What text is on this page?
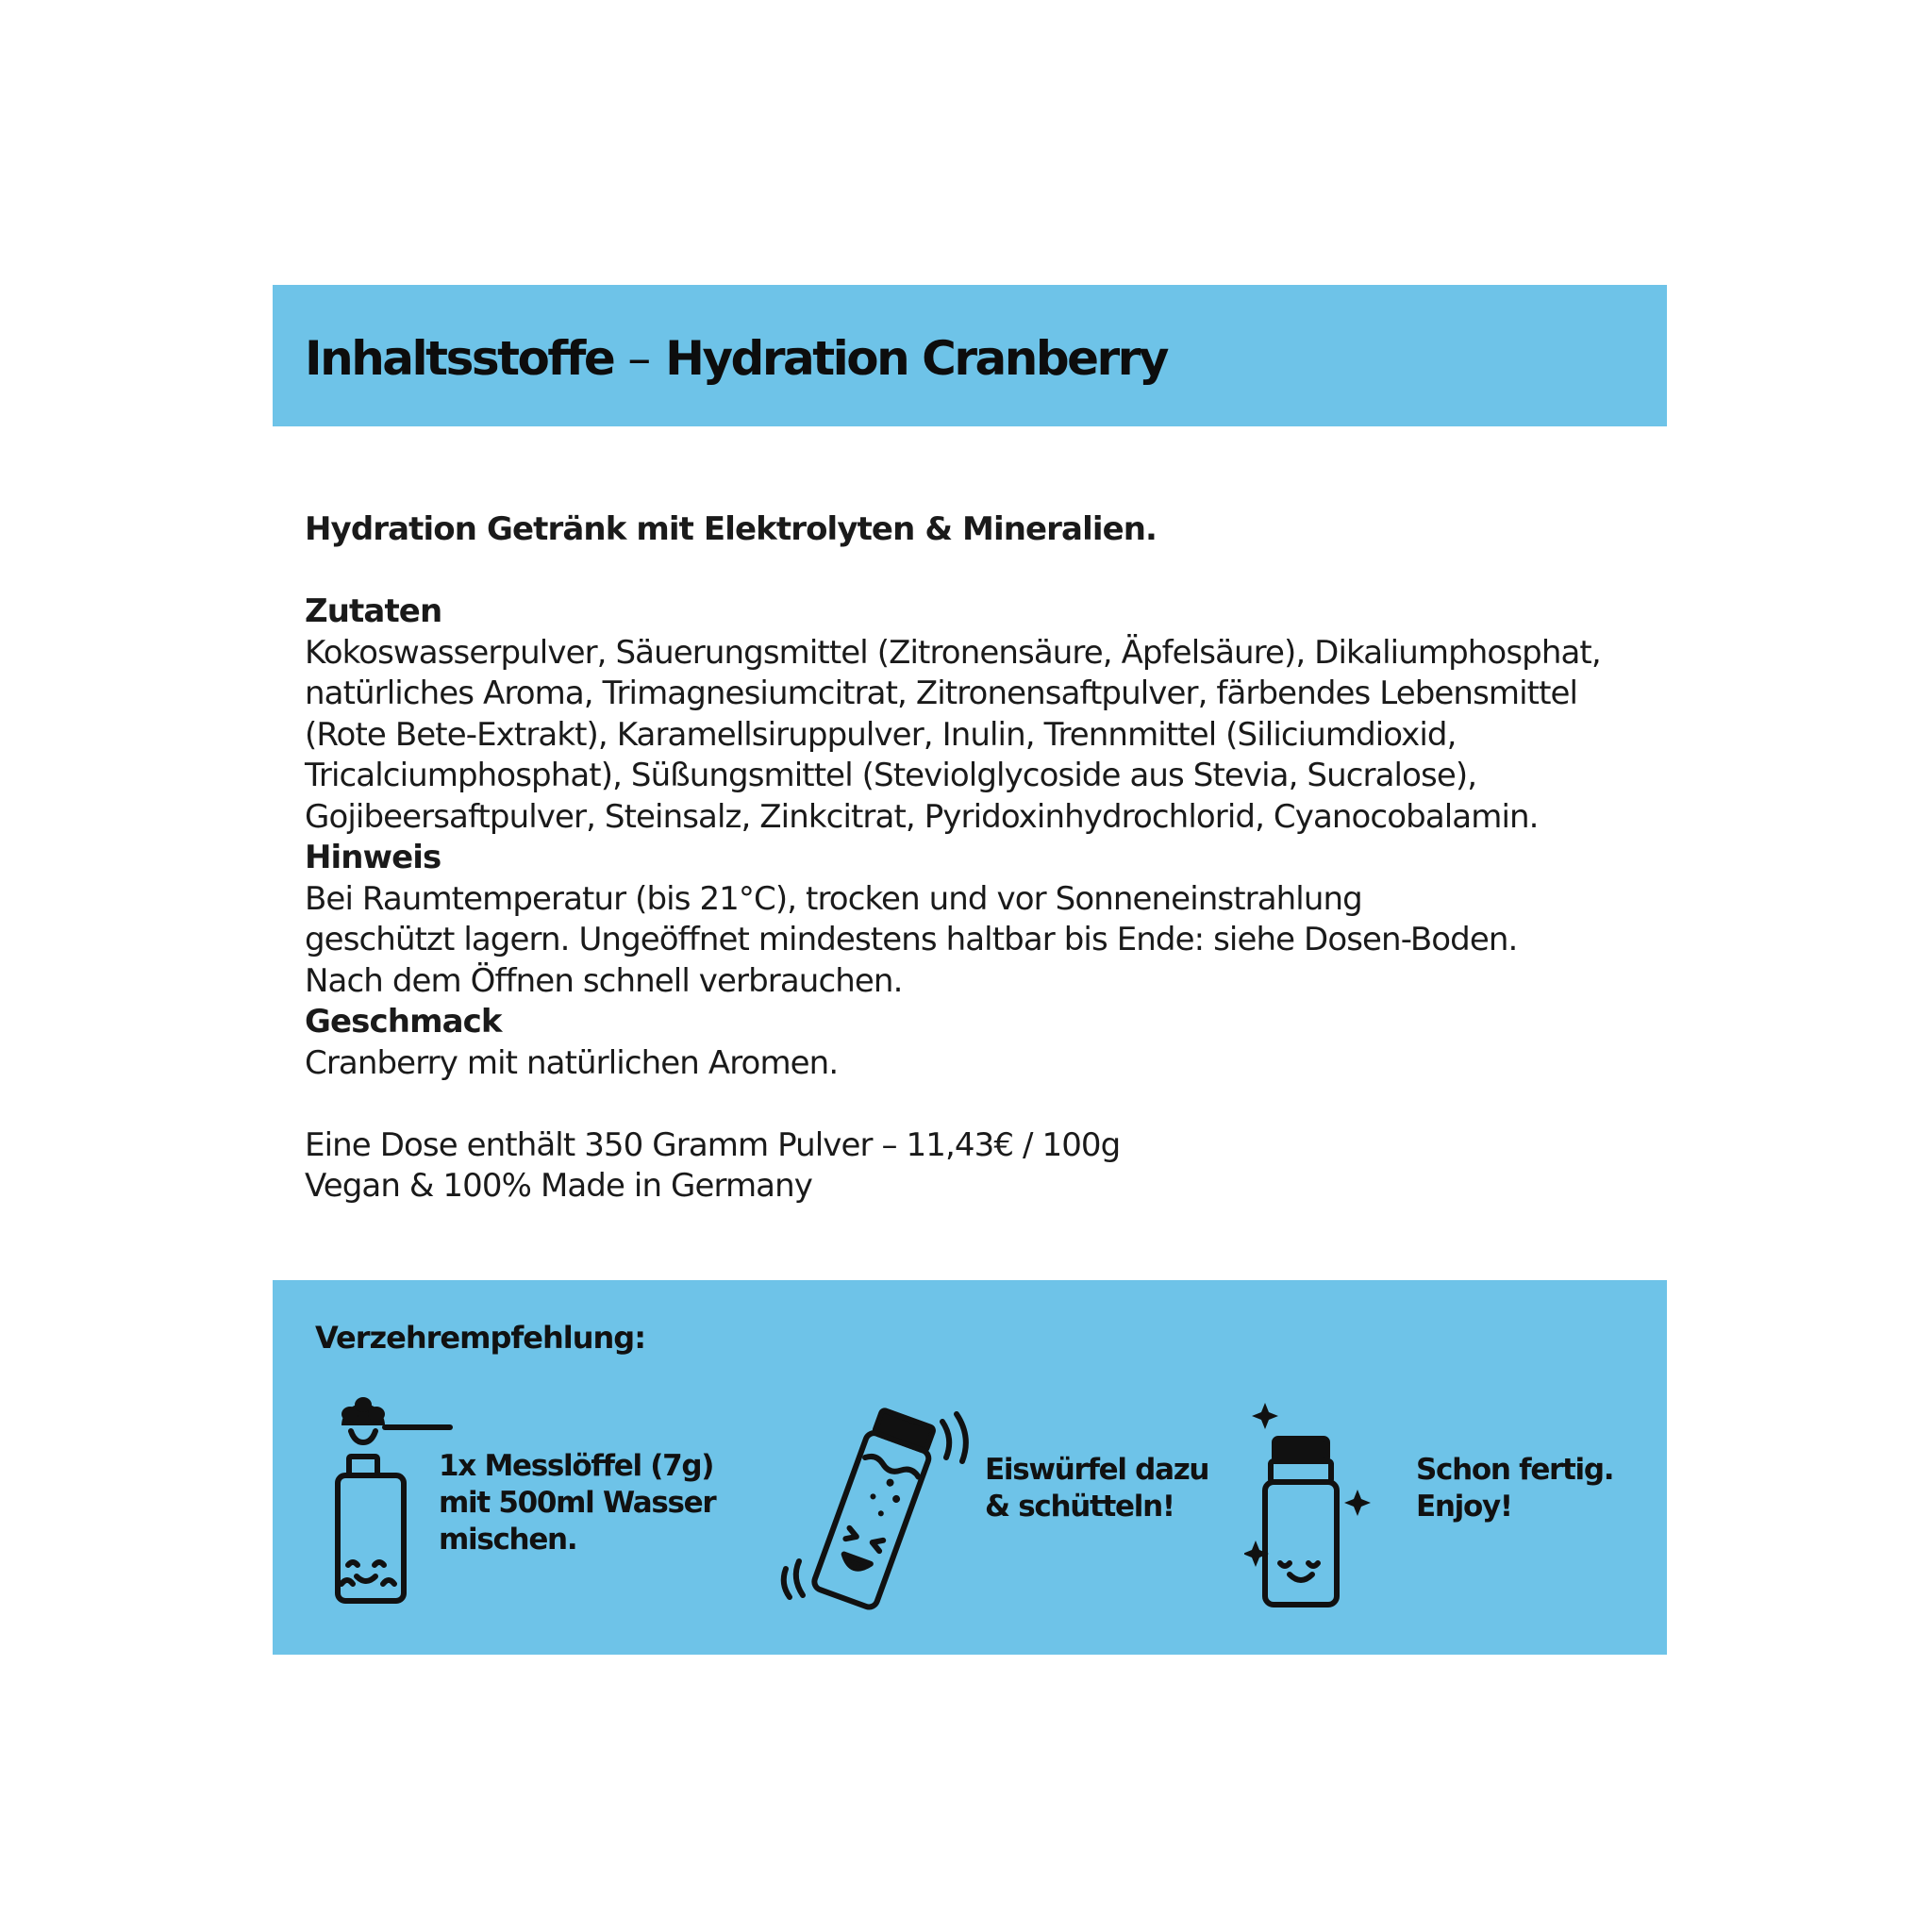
Inhaltsstoffe – Hydration Cranberry

Hydration Getränk mit Elektrolyten & Mineralien.

Zutaten

Kokoswasserpulver, Säuerungsmittel (Zitronensäure, Äpfelsäure), Dikaliumphosphat,
natürliches Aroma, Trimagnesiumcitrat, Zitronensaftpulver, färbendes Lebensmittel
(Rote Bete-Extrakt), Karamellsiruppulver, Inulin, Trennmittel (Siliciumdioxid,
Tricalciumphosphat), Süßungsmittel (Steviolglycoside aus Stevia, Sucralose),
Gojibeersaftpulver, Steinsalz, Zinkcitrat, Pyridoxinhydrochlorid, Cyanocobalamin.

Hinweis

Bei Raumtemperatur (bis 21°C), trocken und vor Sonneneinstrahlung
geschützt lagern. Ungeöffnet mindestens haltbar bis Ende: siehe Dosen-Boden.
Nach dem Öffnen schnell verbrauchen.

Geschmack

Cranberry mit natürlichen Aromen.

Eine Dose enthält 350 Gramm Pulver – 11,43€ / 100g

Vegan & 100% Made in Germany

Verzehrempfehlung:
1x Messlöffel (7g)
mit 500ml Wasser
mischen.
Eiswürfel dazu
& schütteln!
Schon fertig.
Enjoy!
